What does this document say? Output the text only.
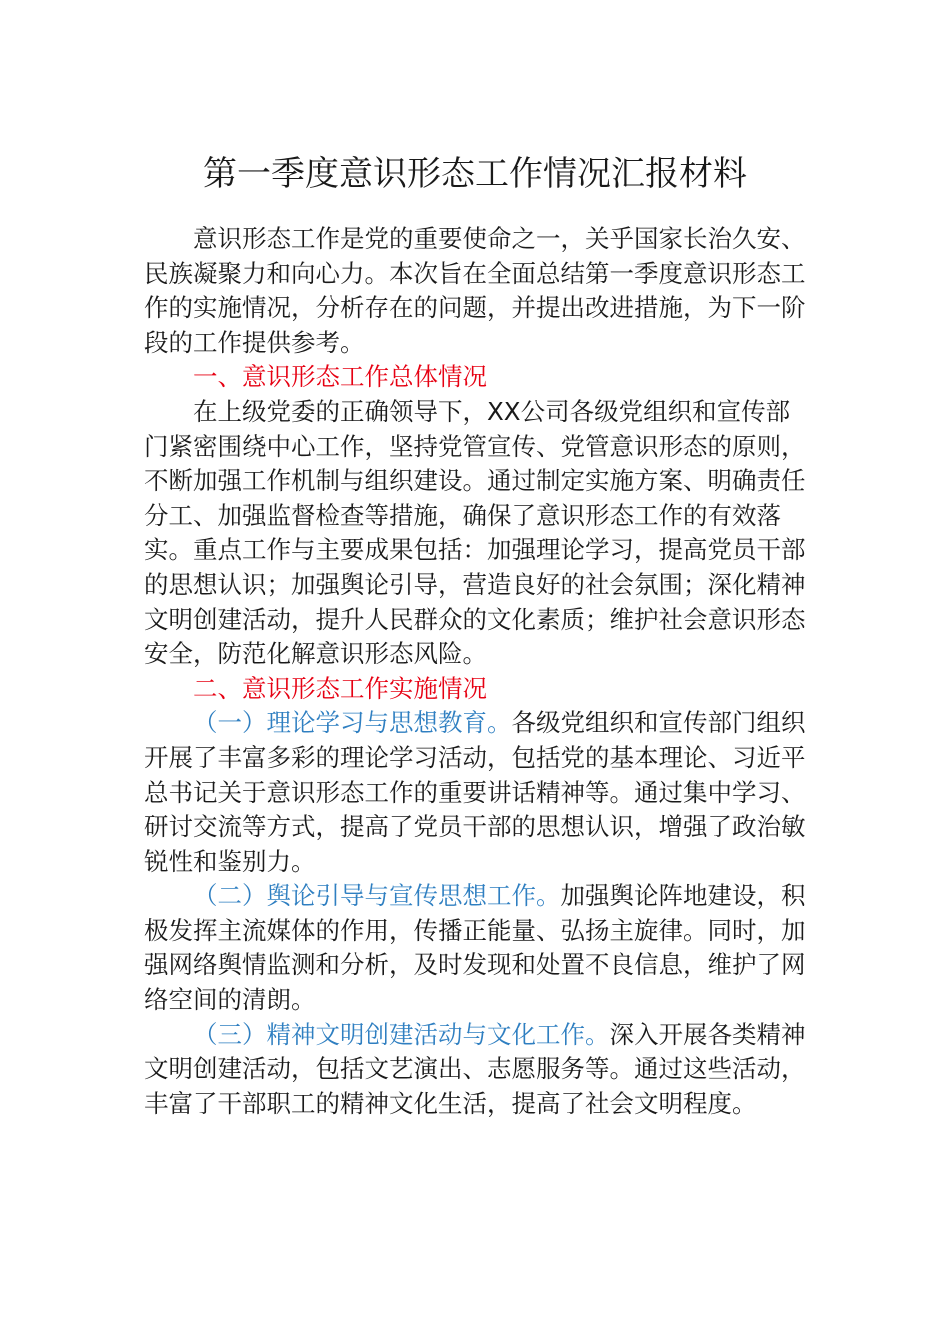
第一季度意识形态工作情况汇报材料

意识形态工作是党的重要使命之一，关乎国家长治久安、民族凝聚力和向心力。本次旨在全面总结第一季度意识形态工作的实施情况，分析存在的问题，并提出改进措施，为下一阶段的工作提供参考。

一、意识形态工作总体情况

在上级党委的正确领导下，XX公司各级党组织和宣传部门紧密围绕中心工作，坚持党管宣传、党管意识形态的原则，不断加强工作机制与组织建设。通过制定实施方案、明确责任分工、加强监督检查等措施，确保了意识形态工作的有效落实。重点工作与主要成果包括：加强理论学习，提高党员干部的思想认识；加强舆论引导，营造良好的社会氛围；深化精神文明创建活动，提升人民群众的文化素质；维护社会意识形态安全，防范化解意识形态风险。

二、意识形态工作实施情况

（一）理论学习与思想教育。各级党组织和宣传部门组织开展了丰富多彩的理论学习活动，包括党的基本理论、习近平总书记关于意识形态工作的重要讲话精神等。通过集中学习、研讨交流等方式，提高了党员干部的思想认识，增强了政治敏锐性和鉴别力。

（二）舆论引导与宣传思想工作。加强舆论阵地建设，积极发挥主流媒体的作用，传播正能量、弘扬主旋律。同时，加强网络舆情监测和分析，及时发现和处置不良信息，维护了网络空间的清朗。

（三）精神文明创建活动与文化工作。深入开展各类精神文明创建活动，包括文艺演出、志愿服务等。通过这些活动，丰富了干部职工的精神文化生活，提高了社会文明程度。
